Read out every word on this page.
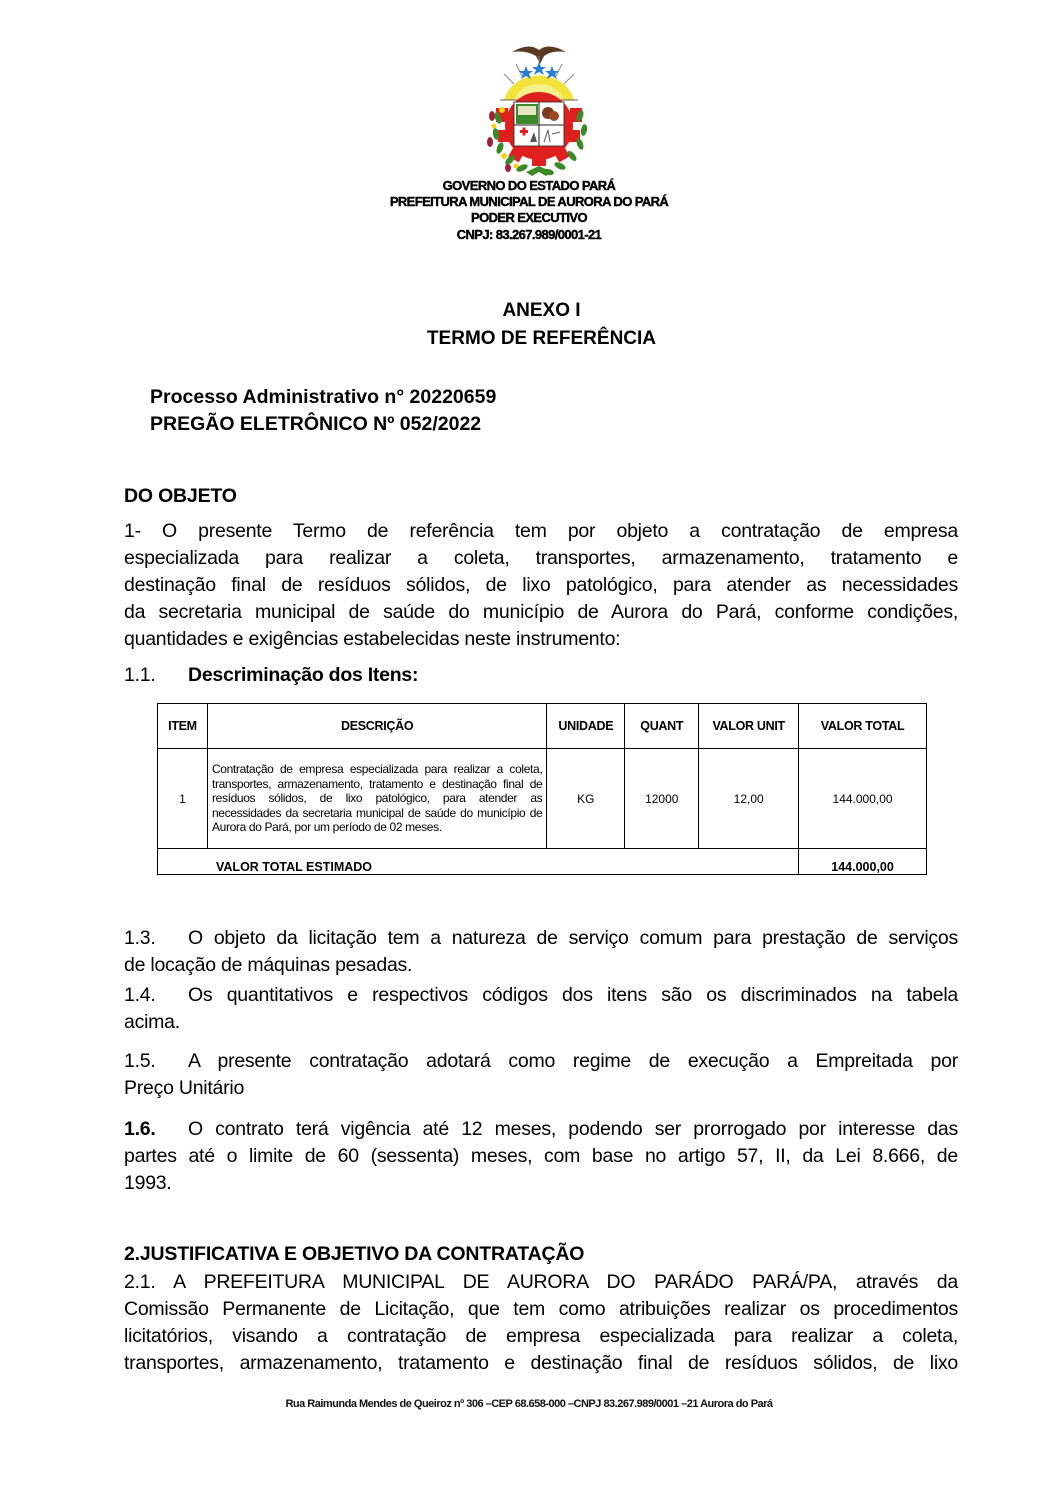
GOVERNO DO ESTADO PARÁ
PREFEITURA MUNICIPAL DE AURORA DO PARÁ
PODER EXECUTIVO
CNPJ: 83.267.989/0001-21
ANEXO I
TERMO DE REFERÊNCIA
Processo Administrativo n° 20220659
PREGÃO ELETRÔNICO Nº 052/2022
DO OBJETO
1- O presente Termo de referência tem por objeto a contratação de empresa
especializada para realizar a coleta, transportes, armazenamento, tratamento e
destinação final de resíduos sólidos, de lixo patológico, para atender as necessidades
da secretaria municipal de saúde do município de Aurora do Pará, conforme condições,
quantidades e exigências estabelecidas neste instrumento:
1.1. Descriminação dos Itens:
ITEM	DESCRIÇÃO	UNIDADE	QUANT	VALOR UNIT	VALOR TOTAL
1	Contratação de empresa especializada para realizar a coleta, transportes, armazenamento, tratamento e destinação final de resíduos sólidos, de lixo patológico, para atender as necessidades da secretaria municipal de saúde do município de Aurora do Pará, por um período de 02 meses.	KG	12000	12,00	144.000,00
VALOR TOTAL ESTIMADO					144.000,00
1.3. O objeto da licitação tem a natureza de serviço comum para prestação de serviços
de locação de máquinas pesadas.
1.4. Os quantitativos e respectivos códigos dos itens são os discriminados na tabela
acima.
1.5. A presente contratação adotará como regime de execução a Empreitada por
Preço Unitário
1.6. O contrato terá vigência até 12 meses, podendo ser prorrogado por interesse das
partes até o limite de 60 (sessenta) meses, com base no artigo 57, II, da Lei 8.666, de
1993.
2.JUSTIFICATIVA E OBJETIVO DA CONTRATAÇÃO
2.1. A PREFEITURA MUNICIPAL DE AURORA DO PARÁDO PARÁ/PA, através da
Comissão Permanente de Licitação, que tem como atribuições realizar os procedimentos
licitatórios, visando a contratação de empresa especializada para realizar a coleta,
transportes, armazenamento, tratamento e destinação final de resíduos sólidos, de lixo
Rua Raimunda Mendes de Queiroz nº 306 –CEP 68.658-000 –CNPJ 83.267.989/0001 –21 Aurora do Pará
